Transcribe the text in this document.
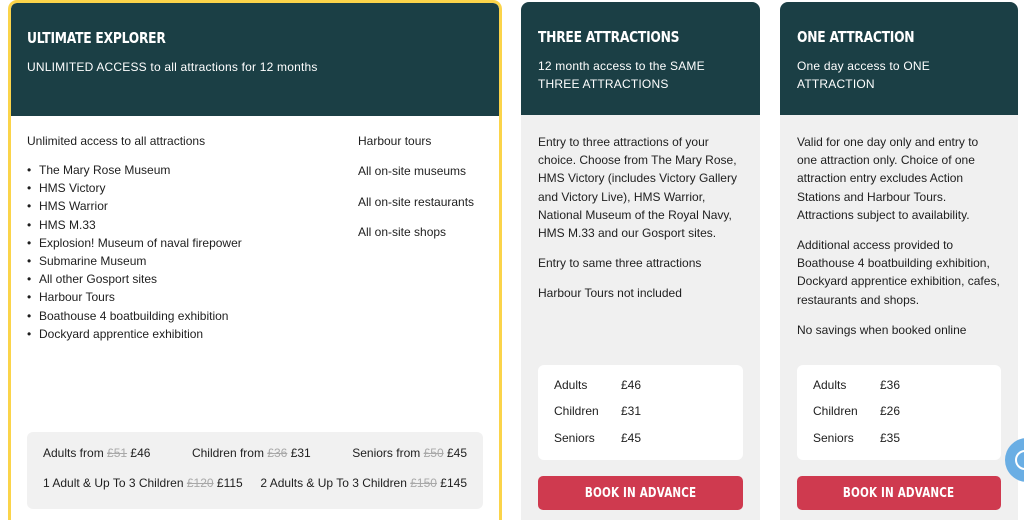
ULTIMATE EXPLORER
UNLIMITED ACCESS to all attractions for 12 months
Unlimited access to all attractions
• The Mary Rose Museum
• HMS Victory
• HMS Warrior
• HMS M.33
• Explosion! Museum of naval firepower
• Submarine Museum
• All other Gosport sites
• Harbour Tours
• Boathouse 4 boatbuilding exhibition
• Dockyard apprentice exhibition
Harbour tours
All on-site museums
All on-site restaurants
All on-site shops
Adults from £51 £46	Children from £36 £31	Seniors from £50 £45
1 Adult & Up To 3 Children £120 £115 2 Adults & Up To 3 Children £150 £145
THREE ATTRACTIONS
12 month access to the SAME THREE ATTRACTIONS
Entry to three attractions of your choice. Choose from The Mary Rose, HMS Victory (includes Victory Gallery and Victory Live), HMS Warrior, National Museum of the Royal Navy, HMS M.33 and our Gosport sites.
Entry to same three attractions
Harbour Tours not included
Adults	£46
Children	£31
Seniors	£45
BOOK IN ADVANCE
ONE ATTRACTION
One day access to ONE ATTRACTION
Valid for one day only and entry to one attraction only. Choice of one attraction entry excludes Action Stations and Harbour Tours. Attractions subject to availability.
Additional access provided to Boathouse 4 boatbuilding exhibition, Dockyard apprentice exhibition, cafes, restaurants and shops.
No savings when booked online
Adults	£36
Children	£26
Seniors	£35
BOOK IN ADVANCE
